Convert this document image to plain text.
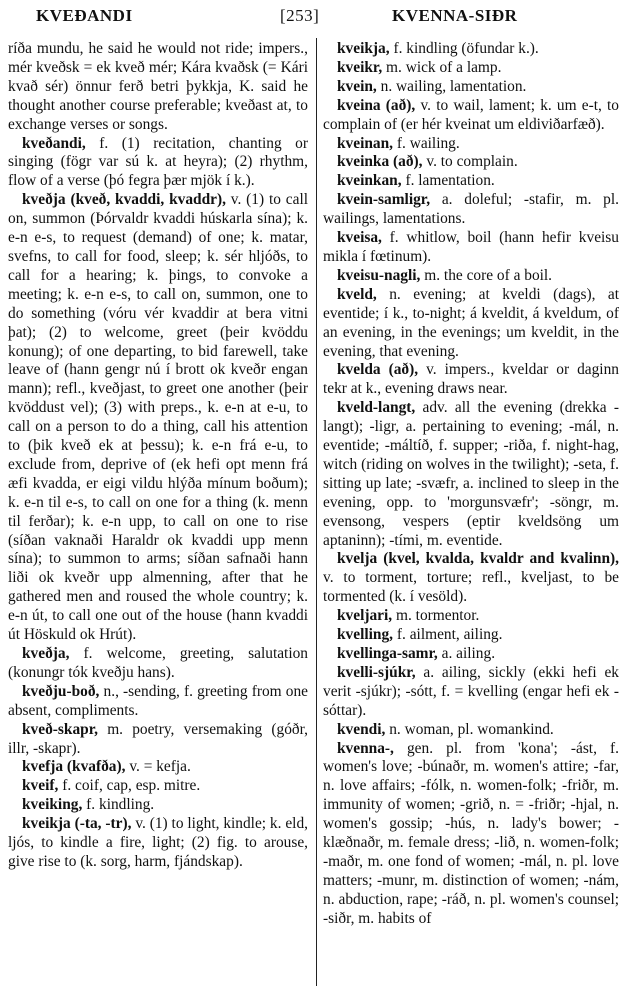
KVEÐANDI	[253]	KVENNA-SIÐR

ríða mundu, he said he would not ride; impers., mér kveðsk = ek kveð mér; Kára kvaðsk (= Kári kvað sér) önnur ferð betri þykkja, K. said he thought another course preferable; kveðast at, to exchange verses or songs.

kveðandi, f. (1) recitation, chanting or singing (fögr var sú k. at heyra); (2) rhythm, flow of a verse (þó fegra þær mjök í k.).

kveðja (kveð, kvaddi, kvaddr), v. (1) to call on, summon (Þórvaldr kvaddi húskarla sína); k. e-n e-s, to request (demand) of one; k. matar, svefns, to call for food, sleep; k. sér hljóðs, to call for a hearing; k. þings, to convoke a meeting; k. e-n e-s, to call on, summon, one to do something (vóru vér kvaddir at bera vitni þat); (2) to welcome, greet (þeir kvöddu konung); of one departing, to bid farewell, take leave of (hann gengr nú í brott ok kveðr engan mann); refl., kveðjast, to greet one another (þeir kvöddust vel); (3) with preps., k. e-n at e-u, to call on a person to do a thing, call his attention to (þik kveð ek at þessu); k. e-n frá e-u, to exclude from, deprive of (ek hefi opt menn frá æfi kvadda, er eigi vildu hlýða mínum boðum); k. e-n til e-s, to call on one for a thing (k. menn til ferðar); k. e-n upp, to call on one to rise (síðan vaknaði Haraldr ok kvaddi upp menn sína); to summon to arms; síðan safnaði hann liði ok kveðr upp almenning, after that he gathered men and roused the whole country; k. e-n út, to call one out of the house (hann kvaddi út Höskuld ok Hrút).

kveðja, f. welcome, greeting, salutation (konungr tók kveðju hans).

kveðju-boð, n., -sending, f. greeting from one absent, compliments.

kveð-skapr, m. poetry, versemaking (góðr, illr, -skapr).

kvefja (kvafða), v. = kefja.

kveif, f. coif, cap, esp. mitre.

kveiking, f. kindling.

kveikja (-ta, -tr), v. (1) to light, kindle; k. eld, ljós, to kindle a fire, light; (2) fig. to arouse, give rise to (k. sorg, harm, fjándskap).

kveikja, f. kindling (öfundar k.).

kveikr, m. wick of a lamp.

kvein, n. wailing, lamentation.

kveina (að), v. to wail, lament; k. um e-t, to complain of (er hér kveinat um eldiviðarfæð).

kveinan, f. wailing.

kveinka (að), v. to complain.

kveinkan, f. lamentation.

kvein-samligr, a. doleful; -stafir, m. pl. wailings, lamentations.

kveisa, f. whitlow, boil (hann hefir kveisu mikla í fœtinum).

kveisu-nagli, m. the core of a boil.

kveld, n. evening; at kveldi (dags), at eventide; í k., to-night; á kveldit, á kveldum, of an evening, in the evenings; um kveldit, in the evening, that evening.

kvelda (að), v. impers., kveldar or daginn tekr at k., evening draws near.

kveld-langt, adv. all the evening (drekka -langt); -ligr, a. pertaining to evening; -mál, n. eventide; -máltíð, f. supper; -riða, f. night-hag, witch (riding on wolves in the twilight); -seta, f. sitting up late; -svæfr, a. inclined to sleep in the evening, opp. to 'morgunsvæfr'; -söngr, m. evensong, vespers (eptir kveldsöng um aptaninn); -tími, m. eventide.

kvelja (kvel, kvalda, kvaldr and kvalinn), v. to torment, torture; refl., kveljast, to be tormented (k. í vesöld).

kveljari, m. tormentor.

kvelling, f. ailment, ailing.

kvellinga-samr, a. ailing.

kvelli-sjúkr, a. ailing, sickly (ekki hefi ek verit -sjúkr); -sótt, f. = kvelling (engar hefi ek -sóttar).

kvendi, n. woman, pl. womankind.

kvenna-, gen. pl. from 'kona'; -ást, f. women's love; -búnaðr, m. women's attire; -far, n. love affairs; -fólk, n. women-folk; -friðr, m. immunity of women; -grið, n. = -friðr; -hjal, n. women's gossip; -hús, n. lady's bower; -klæðnaðr, m. female dress; -lið, n. women-folk; -maðr, m. one fond of women; -mál, n. pl. love matters; -munr, m. distinction of women; -nám, n. abduction, rape; -ráð, n. pl. women's counsel; -siðr, m. habits of
